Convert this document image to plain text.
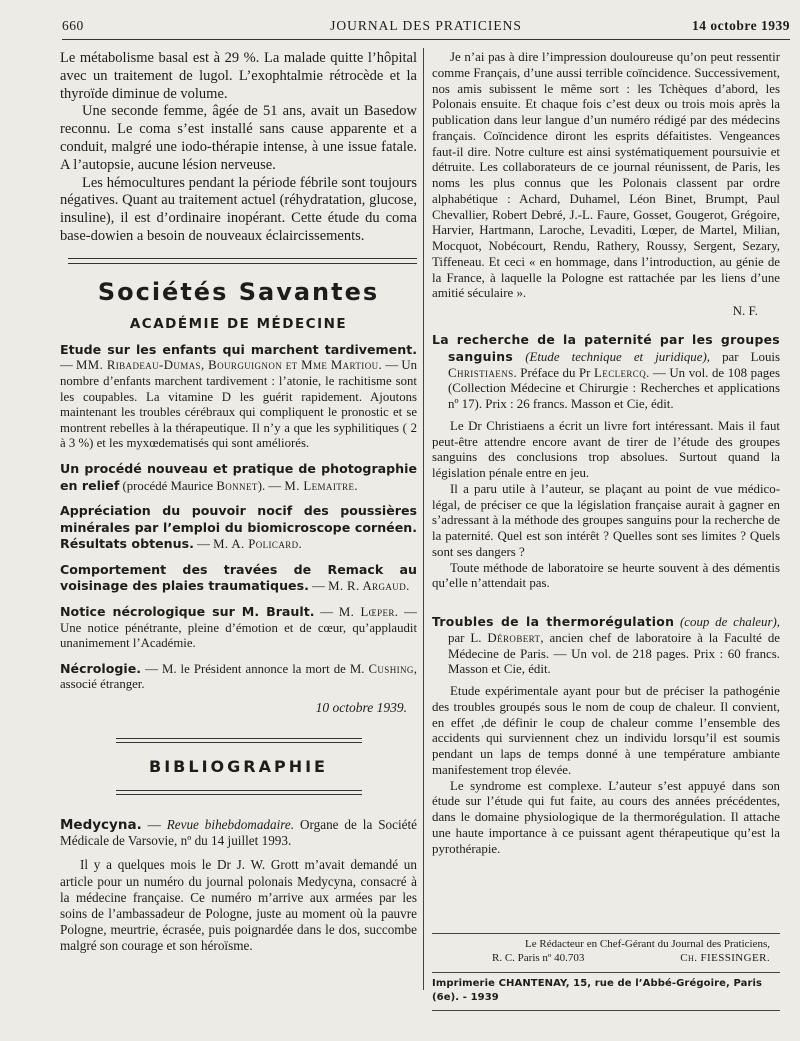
660	JOURNAL DES PRATICIENS	14 octobre 1939

Le métabolisme basal est à 29 %. La malade quitte l’hôpital avec un traitement de lugol. L’exophtalmie rétrocède et la thyroïde diminue de volume.

Une seconde femme, âgée de 51 ans, avait un Basedow reconnu. Le coma s’est installé sans cause apparente et a conduit, malgré une iodo-thérapie intense, à une issue fatale. A l’autopsie, aucune lésion nerveuse.

Les hémocultures pendant la période fébrile sont toujours négatives. Quant au traitement actuel (réhydratation, glucose, insuline), il est d’ordinaire inopérant. Cette étude du coma base-dowien a besoin de nouveaux éclaircissements.

Sociétés Savantes
ACADÉMIE DE MÉDECINE
Etude sur les enfants qui marchent tardivement. — MM. Ribadeau-Dumas, Bourguignon et Mme Martiou. — Un nombre d’enfants marchent tardivement : l’atonie, le rachitisme sont les coupables. La vitamine D les guérit rapidement. Ajoutons maintenant les troubles cérébraux qui compliquent le pronostic et se montrent rebelles à la thérapeutique. Il n’y a que les syphilitiques ( 2 à 3 %) et les myxœdematisés qui sont améliorés.
Un procédé nouveau et pratique de photographie en relief (procédé Maurice Bonnet). — M. Lemaitre.
Appréciation du pouvoir nocif des poussières minérales par l’emploi du biomicroscope cornéen. Résultats obtenus. — M. A. Policard.
Comportement des travées de Remack au voisinage des plaies traumatiques. — M. R. Argaud.
Notice nécrologique sur M. Brault. — M. Lœper. — Une notice pénétrante, pleine d’émotion et de cœur, qu’applaudit unanimement l’Académie.
Nécrologie. — M. le Président annonce la mort de M. Cushing, associé étranger.
10 octobre 1939.
BIBLIOGRAPHIE

Medycyna. — Revue bihebdomadaire. Organe de la Société Médicale de Varsovie, nº du 14 juillet 1993.

Il y a quelques mois le Dr J. W. Grott m’avait demandé un article pour un numéro du journal polonais Medycyna, consacré à la médecine française. Ce numéro m’arrive aux armées par les soins de l’ambassadeur de Pologne, juste au moment où la pauvre Pologne, meurtrie, écrasée, puis poignardée dans le dos, succombe malgré son courage et son héroïsme.

Je n’ai pas à dire l’impression douloureuse qu’on peut ressentir comme Français, d’une aussi terrible coïncidence. Successivement, nos amis subissent le même sort : les Tchèques d’abord, les Polonais ensuite. Et chaque fois c’est deux ou trois mois après la publication dans leur langue d’un numéro rédigé par des médecins français. Coïncidence diront les esprits défaitistes. Vengeances faut-il dire. Notre culture est ainsi systématiquement poursuivie et détruite. Les collaborateurs de ce journal réunissent, de Paris, les noms les plus connus que les Polonais classent par ordre alphabétique : Achard, Duhamel, Léon Binet, Brumpt, Paul Chevallier, Robert Debré, J.-L. Faure, Gosset, Gougerot, Grégoire, Harvier, Hartmann, Laroche, Levaditi, Lœper, de Martel, Milian, Mocquot, Nobécourt, Rendu, Rathery, Roussy, Sergent, Sezary, Tiffeneau. Et ceci « en hommage, dans l’introduction, au génie de la France, à laquelle la Pologne est rattachée par les liens d’une amitié séculaire ».

N. F.

La recherche de la paternité par les groupes sanguins (Etude technique et juridique), par Louis Christiaens. Préface du Pr Leclercq. — Un vol. de 108 pages (Collection Médecine et Chirurgie : Recherches et applications nº 17). Prix : 26 francs. Masson et Cie, édit.

Le Dr Christiaens a écrit un livre fort intéressant. Mais il faut peut-être attendre encore avant de tirer de l’étude des groupes sanguins des conclusions trop absolues. Surtout quand la législation pénale entre en jeu.

Il a paru utile à l’auteur, se plaçant au point de vue médico-légal, de préciser ce que la législation française aurait à gagner en s’adressant à la méthode des groupes sanguins pour la recherche de la paternité. Quel est son intérêt ? Quelles sont ses limites ? Quels sont ses dangers ?

Toute méthode de laboratoire se heurte souvent à des démentis qu’elle n’attendait pas.

Troubles de la thermorégulation (coup de chaleur), par L. Dérobert, ancien chef de laboratoire à la Faculté de Médecine de Paris. — Un vol. de 218 pages. Prix : 60 francs. Masson et Cie, édit.

Etude expérimentale ayant pour but de préciser la pathogénie des troubles groupés sous le nom de coup de chaleur. Il convient, en effet ,de définir le coup de chaleur comme l’ensemble des accidents qui surviennent chez un individu lorsqu’il est soumis pendant un laps de temps donné à une température ambiante manifestement trop élevée.

Le syndrome est complexe. L’auteur s’est appuyé dans son étude sur l’étude qui fut faite, au cours des années précédentes, dans le domaine physiologique de la thermorégulation. Il attache une haute importance à ce puissant agent thérapeutique qu’est la pyrothérapie.

Le Rédacteur en Chef-Gérant du Journal des Praticiens,
R. C. Paris nº 40.703	Ch. FIESSINGER.
Imprimerie CHANTENAY, 15, rue de l’Abbé-Grégoire, Paris (6e). - 1939
